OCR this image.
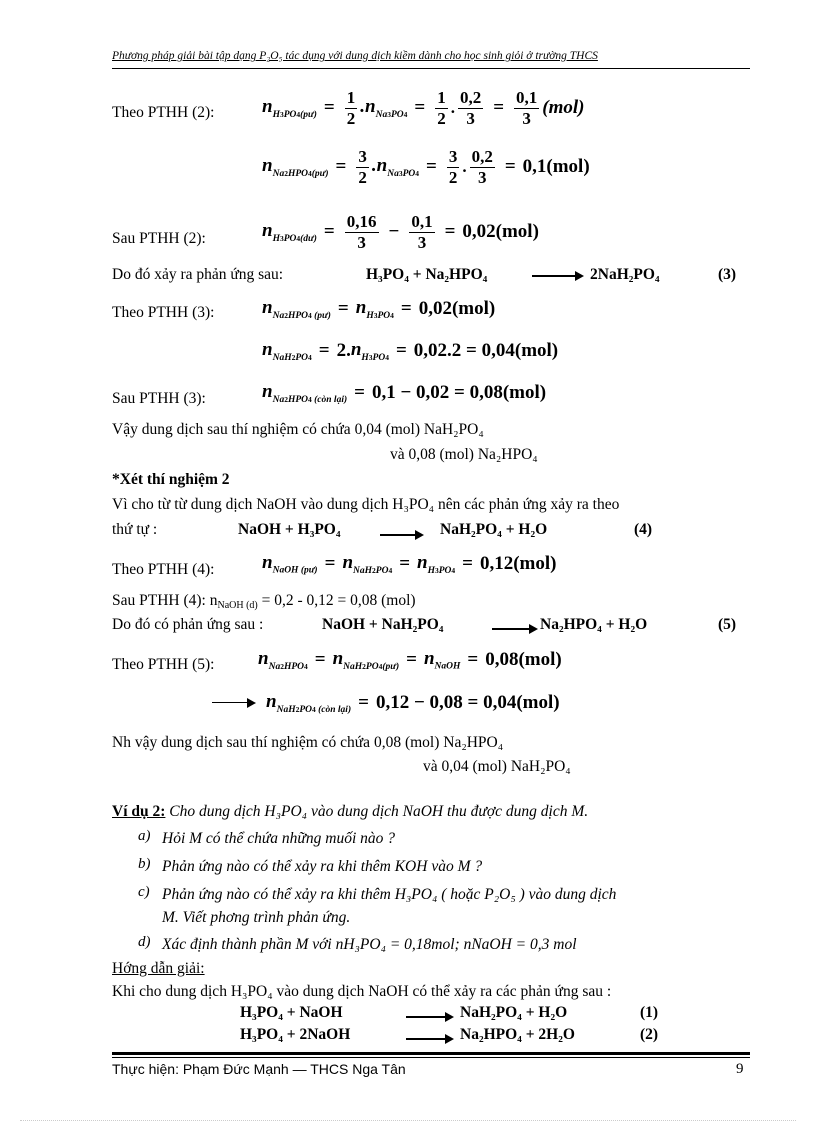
Phương pháp giải bài tập dạng P₂O₅ tác dụng với dung dịch kiềm dành cho học sinh giỏi ở trường THCS
Theo PTHH (2):	$n_{H3PO4(pư)} = \frac{1}{2} .n_{Na3PO4} = \frac{1}{2}$ . $\frac{0,2}{3} = \frac{0,1}{3} (mol)$
$n_{Na2HPO4(pư)} = \frac{3}{2} .n_{Na3PO4} = \frac{3}{2}$ . $\frac{0,2}{3} = 0,1(mol)$
Sau PTHH (2):	$n_{H3PO4(dư)} = \frac{0,16}{3} - \frac{0,1}{3} = 0,02(mol)$
Do đó xảy ra phản ứng sau:	H₃PO₄ + Na₂HPO₄	2NaH₂PO₄	(3)
Theo PTHH (3):	$n_{Na2HPO4 (pư)} = n_{H3PO4} = 0,02(mol)$
$n_{NaH2PO4} = 2$. $n_{H3PO4} = 0,02.2 = 0,04(mol)$
Sau PTHH (3):	$n_{Na2HPO4 (còn lại)} = 0,1 - 0,02 = 0,08(mol)$
Vậy dung dịch sau thí nghiệm có chứa 0,04 (mol) NaH₂PO₄
và 0,08 (mol) Na₂HPO₄
*Xét thí nghiệm 2
Vì cho từ từ dung dịch NaOH vào dung dịch H₃PO₄ nên các phản ứng xảy ra theo
thứ tự :	NaOH + H₃PO₄	NaH₂PO₄ + H₂O	(4)
Theo PTHH (4):	$n_{NaOH (pư)} = n_{NaH2PO4} = n_{H3PO4} = 0,12(mol)$
Sau PTHH (4): nNaOH (d) = 0,2 - 0,12 = 0,08 (mol)
Do đó có phản ứng sau :	NaOH + NaH₂PO₄	Na₂HPO₄ + H₂O	(5)
Theo PTHH (5): $n_{Na2HPO4} = n_{NaH2PO4(pư)} = n_{NaOH} = 0,08(mol)$
$n_{NaH2PO4 (còn lại)} = 0,12 - 0,08 = 0,04(mol)$
Nh vậy dung dịch sau thí nghiệm có chứa 0,08 (mol) Na₂HPO₄
và 0,04 (mol) NaH₂PO₄
Ví dụ 2: Cho dung dịch H₃PO₄ vào dung dịch NaOH thu được dung dịch M.
a) Hỏi M có thể chứa những muối nào ?
b) Phản ứng nào có thể xảy ra khi thêm KOH vào M ?
c) Phản ứng nào có thể xảy ra khi thêm H₃PO₄ ( hoặc P₂O₅ ) vào dung dịch
M. Viết phơng trình phản ứng.
d) Xác định thành phần M với nH₃PO₄ = 0,18mol; nNaOH = 0,3 mol
Hớng dẫn giải:
Khi cho dung dịch H₃PO₄ vào dung dịch NaOH có thể xảy ra các phản ứng sau :
H₃PO₄ + NaOH	NaH₂PO₄ + H₂O	(1)
H₃PO₄ + 2NaOH	Na₂HPO₄ + 2H₂O	(2)
Thực hiện: Phạm Đức Mạnh — THCS Nga Tân	9
